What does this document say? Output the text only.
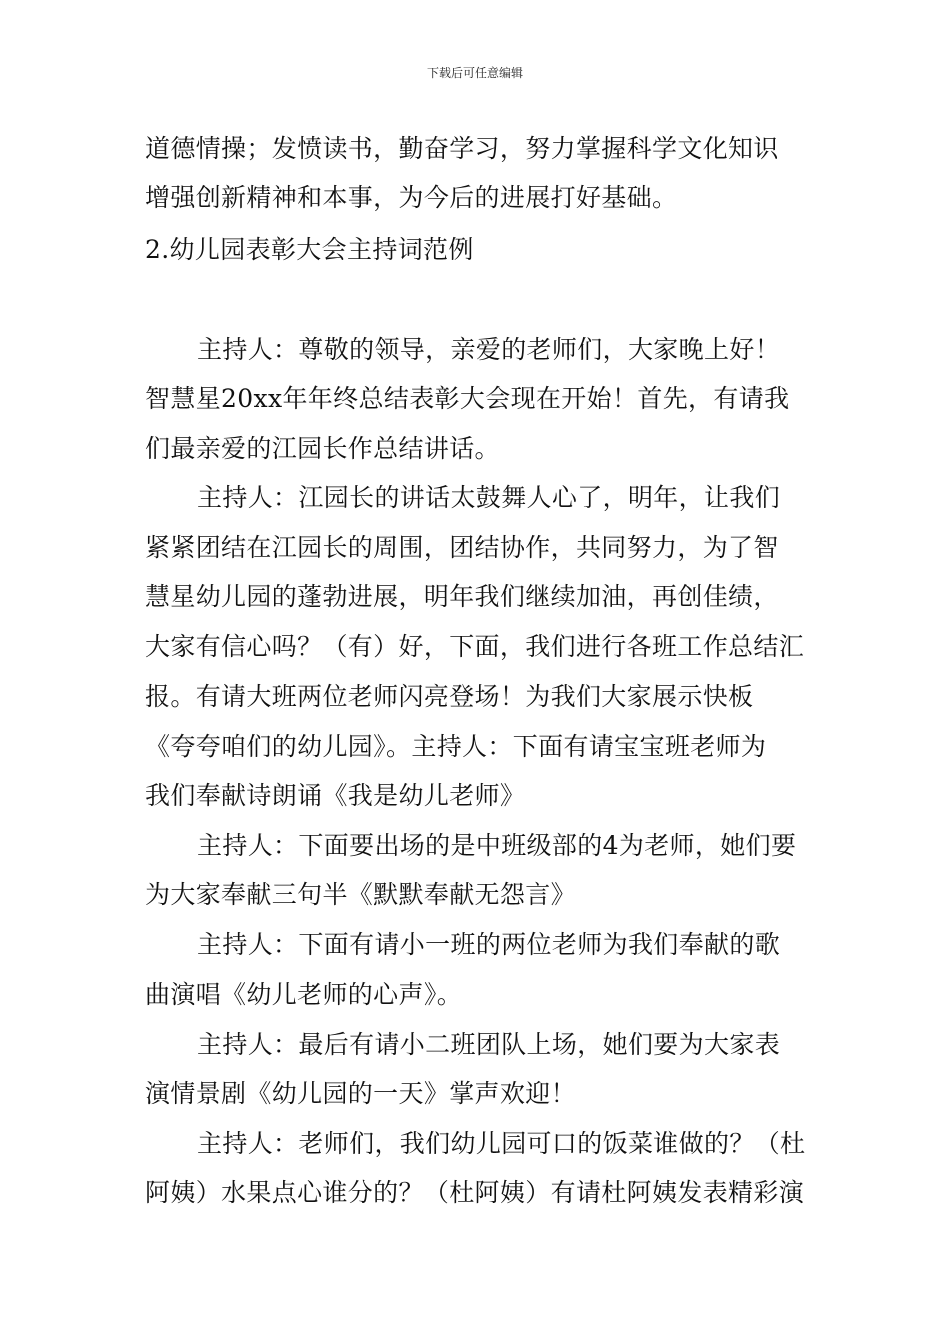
下载后可任意编辑
道德情操；发愤读书，勤奋学习，努力掌握科学文化知识
增强创新精神和本事，为今后的进展打好基础。
2.幼儿园表彰大会主持词范例
主持人：尊敬的领导，亲爱的老师们，大家晚上好！
智慧星20xx年年终总结表彰大会现在开始！首先，有请我
们最亲爱的江园长作总结讲话。
主持人：江园长的讲话太鼓舞人心了，明年，让我们
紧紧团结在江园长的周围，团结协作，共同努力，为了智
慧星幼儿园的蓬勃进展，明年我们继续加油，再创佳绩，
大家有信心吗？（有）好，下面，我们进行各班工作总结汇
报。有请大班两位老师闪亮登场！为我们大家展示快板
《夸夸咱们的幼儿园》。主持人：下面有请宝宝班老师为
我们奉献诗朗诵《我是幼儿老师》
主持人：下面要出场的是中班级部的4为老师，她们要
为大家奉献三句半《默默奉献无怨言》
主持人：下面有请小一班的两位老师为我们奉献的歌
曲演唱《幼儿老师的心声》。
主持人：最后有请小二班团队上场，她们要为大家表
演情景剧《幼儿园的一天》掌声欢迎！
主持人：老师们，我们幼儿园可口的饭菜谁做的？（杜
阿姨）水果点心谁分的？（杜阿姨）有请杜阿姨发表精彩演
